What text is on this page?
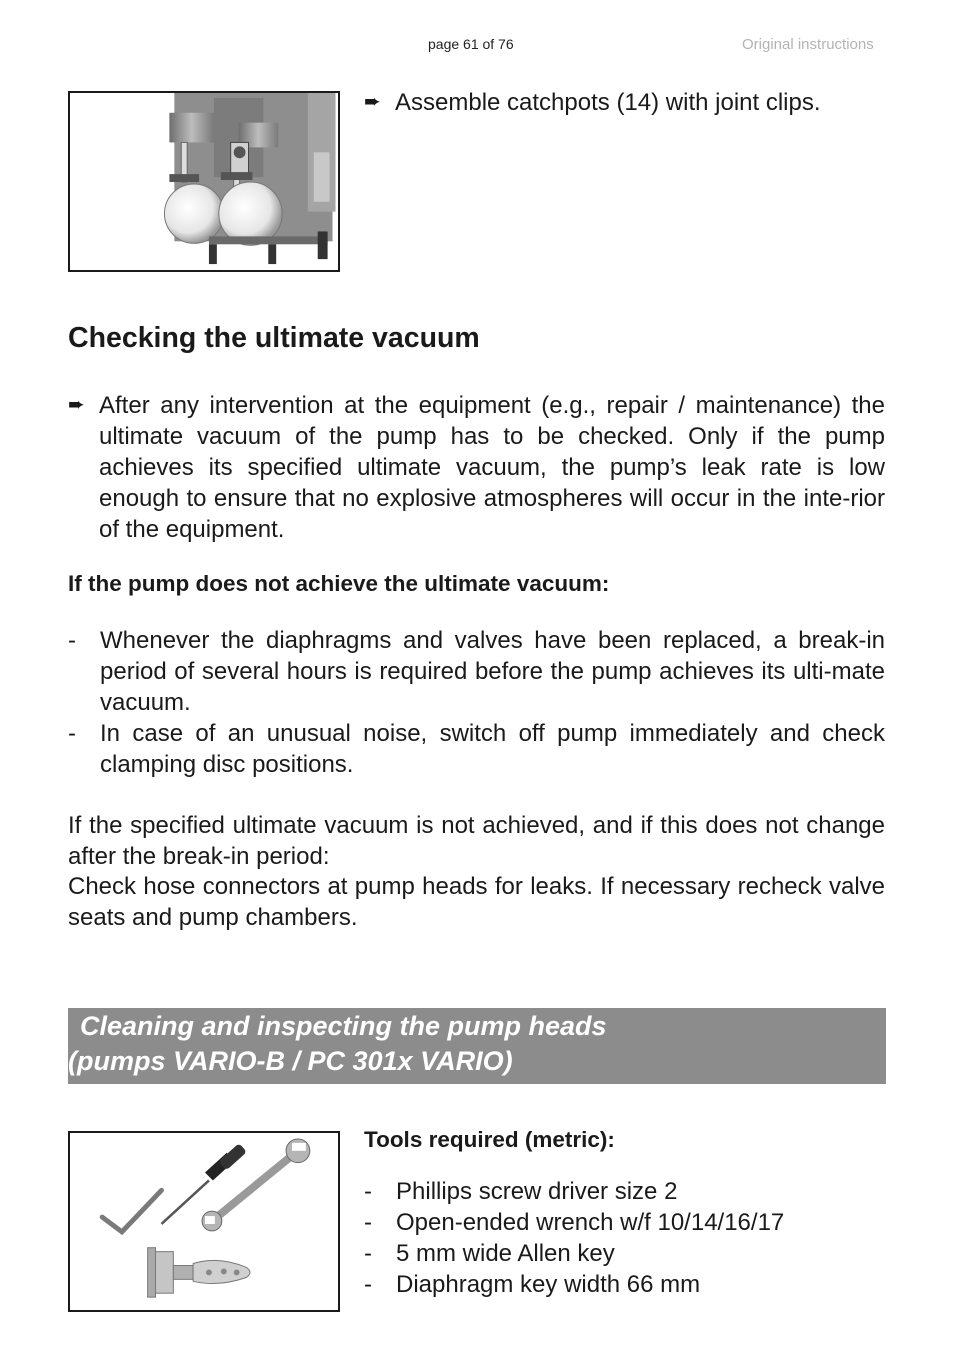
page 61 of 76	Original instructions
➨ Assemble catchpots (14) with joint clips.
Checking the ultimate vacuum
➨ After any intervention at the equipment (e.g., repair / maintenance) the ultimate vacuum of the pump has to be checked. Only if the pump achieves its specified ultimate vacuum, the pump’s leak rate is low enough to ensure that no explosive atmospheres will occur in the inte-rior of the equipment.
If the pump does not achieve the ultimate vacuum:
-	Whenever the diaphragms and valves have been replaced, a break-in period of several hours is required before the pump achieves its ulti-mate vacuum.
-	In case of an unusual noise, switch off pump immediately and check clamping disc positions.
If the specified ultimate vacuum is not achieved, and if this does not change after the break-in period:
Check hose connectors at pump heads for leaks. If necessary recheck valve seats and pump chambers.
Cleaning and inspecting the pump heads
(pumps VARIO-B / PC 301x VARIO)
Tools required (metric):
-	Phillips screw driver size 2
-	Open-ended wrench w/f 10/14/16/17
-	5 mm wide Allen key
-	Diaphragm key width 66 mm
